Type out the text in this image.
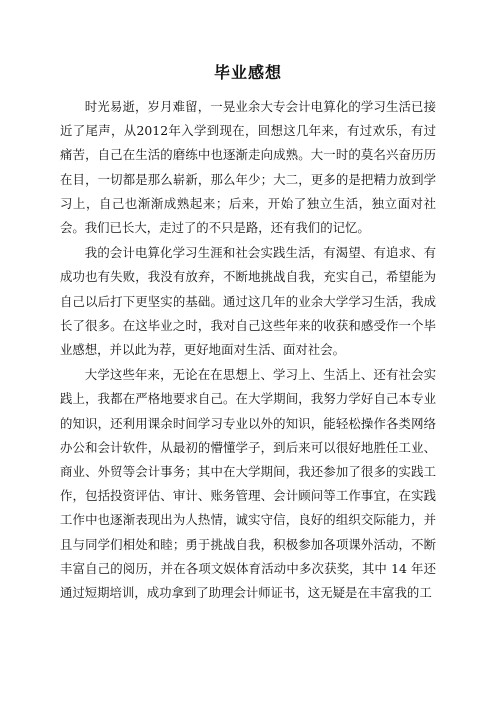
毕业感想

时光易逝，岁月难留，一晃业余大专会计电算化的学习生活已接近了尾声，从2012年入学到现在，回想这几年来，有过欢乐，有过痛苦，自己在生活的磨练中也逐渐走向成熟。大一时的莫名兴奋历历在目，一切都是那么崭新，那么年少；大二，更多的是把精力放到学习上，自己也渐渐成熟起来；后来，开始了独立生活，独立面对社会。我们已长大，走过了的不只是路，还有我们的记忆。

我的会计电算化学习生涯和社会实践生活，有渴望、有追求、有成功也有失败，我没有放弃，不断地挑战自我，充实自己，希望能为自己以后打下更坚实的基础。通过这几年的业余大学学习生活，我成长了很多。在这毕业之时，我对自己这些年来的收获和感受作一个毕业感想，并以此为荐，更好地面对生活、面对社会。

大学这些年来，无论在在思想上、学习上、生活上、还有社会实践上，我都在严格地要求自己。在大学期间，我努力学好自己本专业的知识，还利用课余时间学习专业以外的知识，能轻松操作各类网络办公和会计软件，从最初的懵懂学子，到后来可以很好地胜任工业、商业、外贸等会计事务；其中在大学期间，我还参加了很多的实践工作，包括投资评估、审计、账务管理、会计顾问等工作事宜，在实践工作中也逐渐表现出为人热情，诚实守信，良好的组织交际能力，并且与同学们相处和睦；勇于挑战自我，积极参加各项课外活动，不断丰富自己的阅历，并在各项文娱体育活动中多次获奖，其中 14 年还通过短期培训，成功拿到了助理会计师证书，这无疑是在丰富我的工
